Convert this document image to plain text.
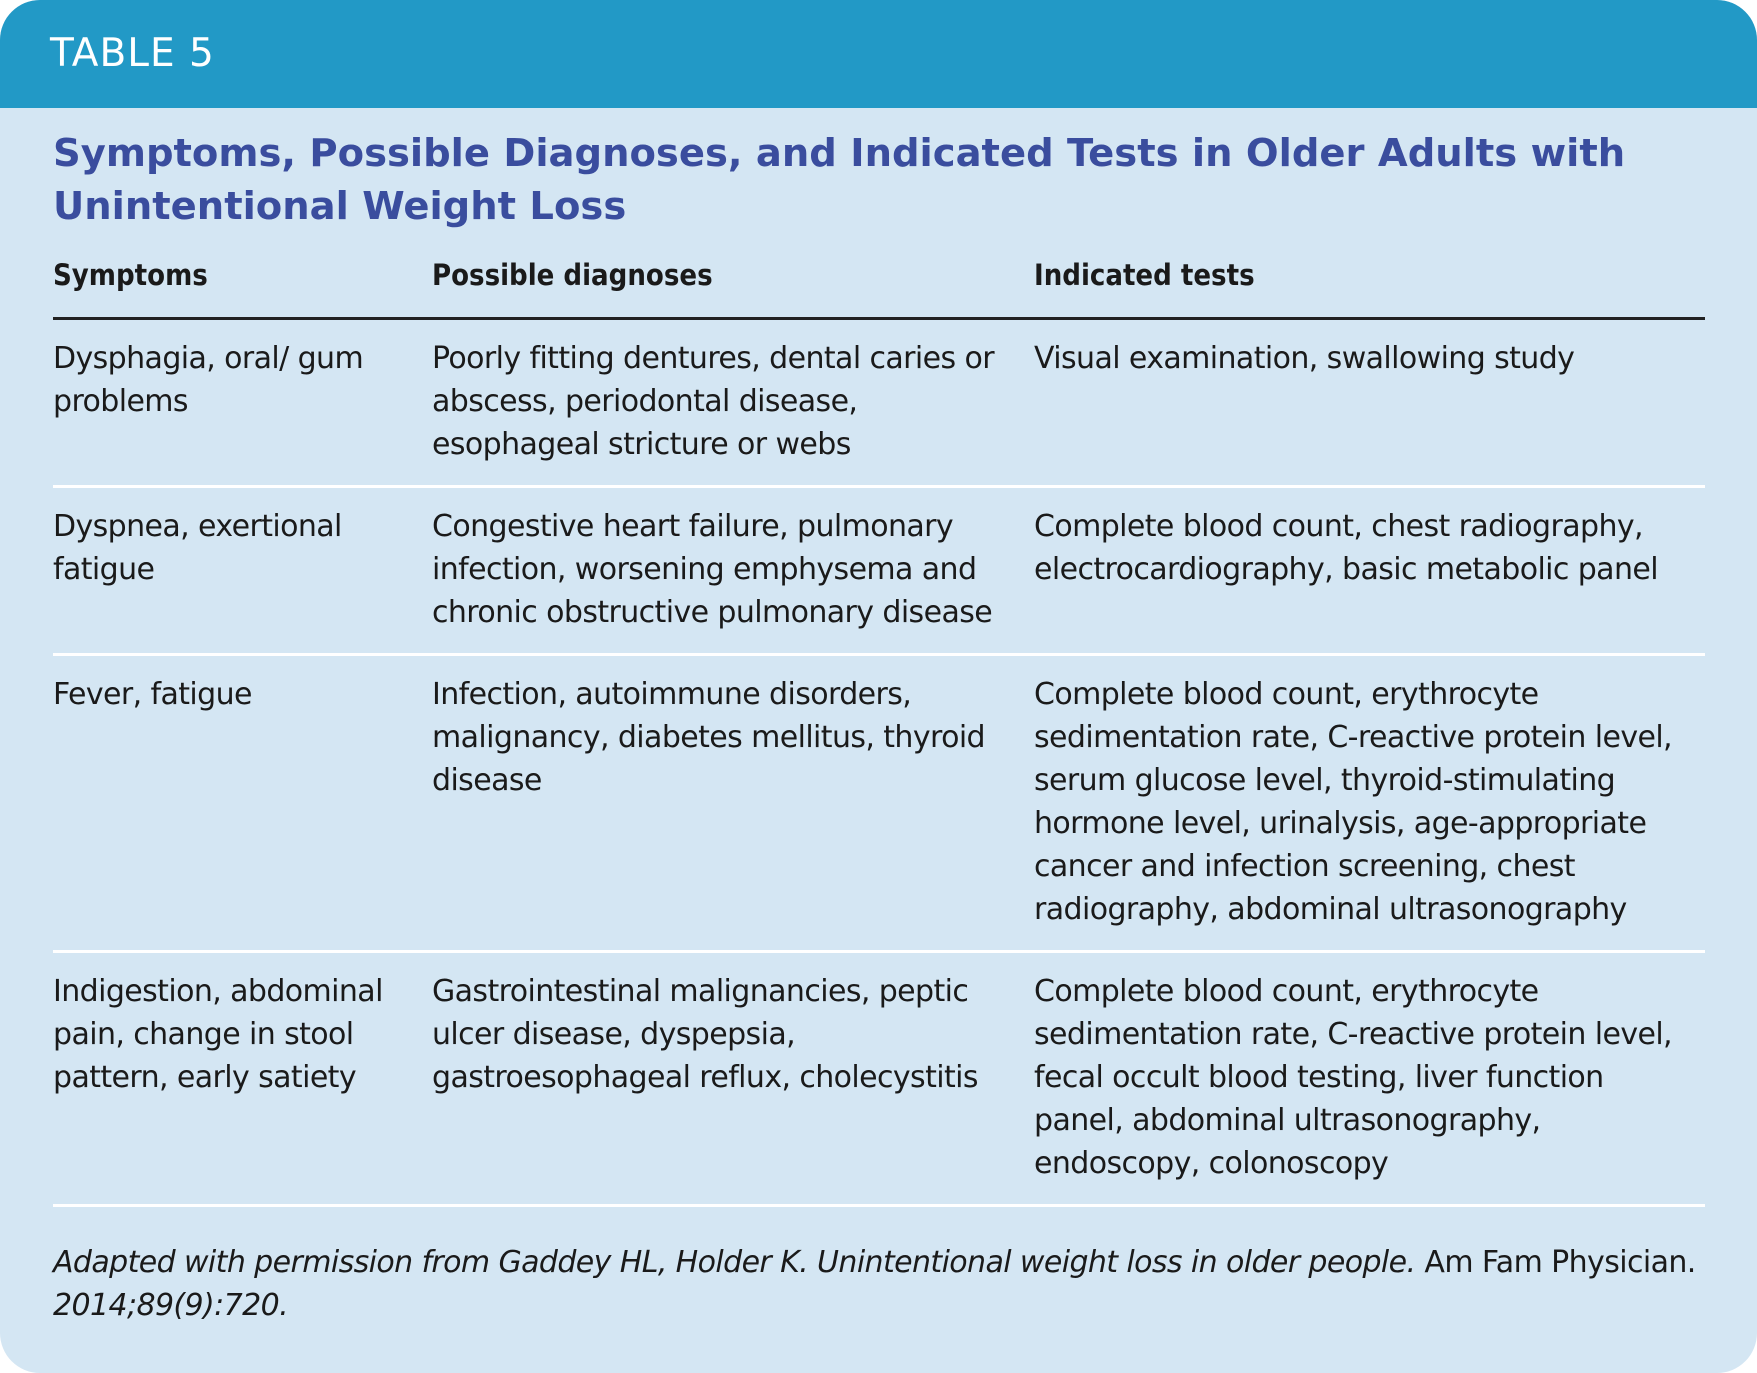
TABLE 5
Symptoms, Possible Diagnoses, and Indicated Tests in Older Adults with Unintentional Weight Loss
Symptoms	Possible diagnoses	Indicated tests
Dysphagia, oral/ gum problems	Poorly fitting dentures, dental caries or abscess, periodontal disease, esophageal stricture or webs	Visual examination, swallowing study
Dyspnea, exertional fatigue	Congestive heart failure, pulmonary infection, worsening emphysema and chronic obstructive pulmonary disease	Complete blood count, chest radiography, electrocardiography, basic metabolic panel
Fever, fatigue	Infection, autoimmune disorders, malignancy, diabetes mellitus, thyroid disease	Complete blood count, erythrocyte sedimentation rate, C-reactive protein level, serum glucose level, thyroid-stimulating hormone level, urinalysis, age-appropriate cancer and infection screening, chest radiography, abdominal ultrasonography
Indigestion, abdominal pain, change in stool pattern, early satiety	Gastrointestinal malignancies, peptic ulcer disease, dyspepsia, gastroesophageal reflux, cholecystitis	Complete blood count, erythrocyte sedimentation rate, C-reactive protein level, fecal occult blood testing, liver function panel, abdominal ultrasonography, endoscopy, colonoscopy

Adapted with permission from Gaddey HL, Holder K. Unintentional weight loss in older people. Am Fam Physician. 2014;89(9):720.
